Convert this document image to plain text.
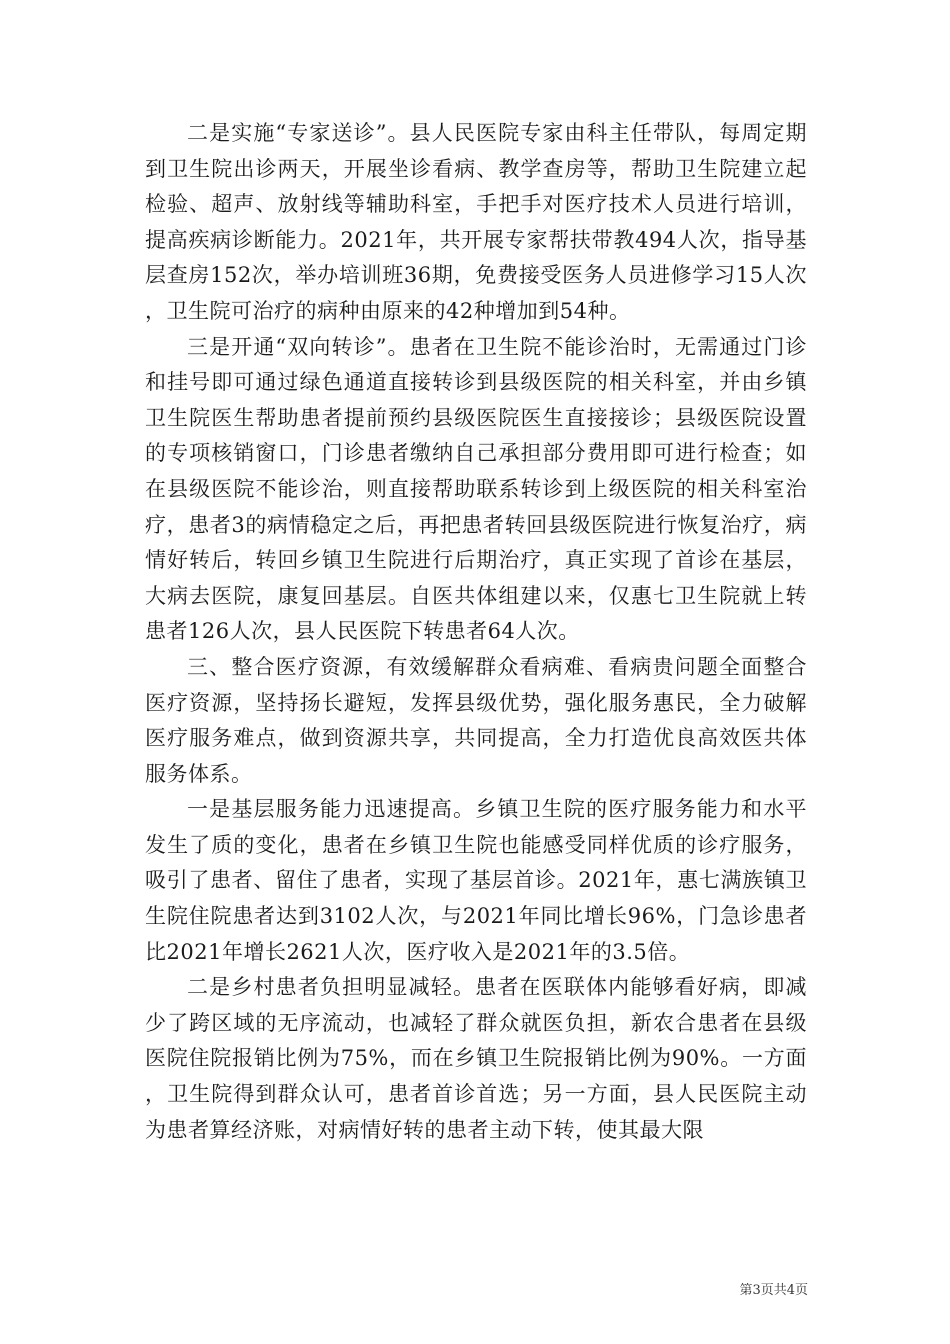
二是实施“专家送诊”。县人民医院专家由科主任带队，每周定期到卫生院出诊两天，开展坐诊看病、教学查房等，帮助卫生院建立起检验、超声、放射线等辅助科室，手把手对医疗技术人员进行培训，提高疾病诊断能力。2021年，共开展专家帮扶带教494人次，指导基层查房152次，举办培训班36期，免费接受医务人员进修学习15人次，卫生院可治疗的病种由原来的42种增加到54种。

三是开通“双向转诊”。患者在卫生院不能诊治时，无需通过门诊和挂号即可通过绿色通道直接转诊到县级医院的相关科室，并由乡镇卫生院医生帮助患者提前预约县级医院医生直接接诊；县级医院设置的专项核销窗口，门诊患者缴纳自己承担部分费用即可进行检查；如在县级医院不能诊治，则直接帮助联系转诊到上级医院的相关科室治疗，患者3的病情稳定之后，再把患者转回县级医院进行恢复治疗，病情好转后，转回乡镇卫生院进行后期治疗，真正实现了首诊在基层，大病去医院，康复回基层。自医共体组建以来，仅惠七卫生院就上转患者126人次，县人民医院下转患者64人次。

三、整合医疗资源，有效缓解群众看病难、看病贵问题全面整合医疗资源，坚持扬长避短，发挥县级优势，强化服务惠民，全力破解医疗服务难点，做到资源共享，共同提高，全力打造优良高效医共体服务体系。

一是基层服务能力迅速提高。乡镇卫生院的医疗服务能力和水平发生了质的变化，患者在乡镇卫生院也能感受同样优质的诊疗服务，吸引了患者、留住了患者，实现了基层首诊。2021年，惠七满族镇卫生院住院患者达到3102人次，与2021年同比增长96%，门急诊患者比2021年增长2621人次，医疗收入是2021年的3.5倍。

二是乡村患者负担明显减轻。患者在医联体内能够看好病，即减少了跨区域的无序流动，也减轻了群众就医负担，新农合患者在县级医院住院报销比例为75%，而在乡镇卫生院报销比例为90%。一方面，卫生院得到群众认可，患者首诊首选；另一方面，县人民医院主动为患者算经济账，对病情好转的患者主动下转，使其最大限

第3页共4页
